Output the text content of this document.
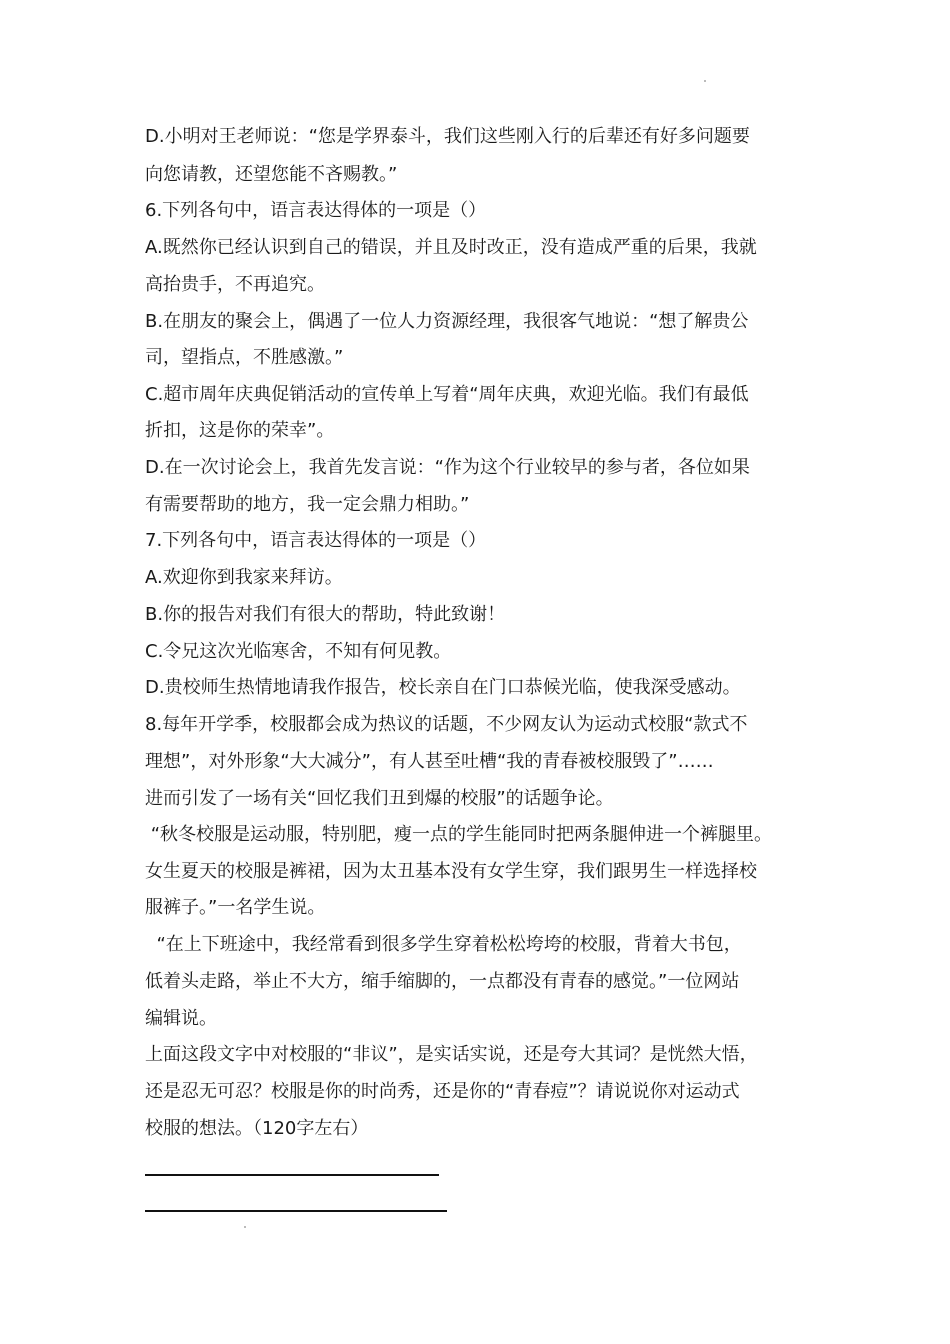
D.小明对王老师说：“您是学界泰斗，我们这些刚入行的后辈还有好多问题要
向您请教，还望您能不吝赐教。”
6.下列各句中，语言表达得体的一项是（）
A.既然你已经认识到自己的错误，并且及时改正，没有造成严重的后果，我就
高抬贵手，不再追究。
B.在朋友的聚会上，偶遇了一位人力资源经理，我很客气地说：“想了解贵公
司，望指点，不胜感激。”
C.超市周年庆典促销活动的宣传单上写着“周年庆典，欢迎光临。我们有最低
折扣，这是你的荣幸”。
D.在一次讨论会上，我首先发言说：“作为这个行业较早的参与者，各位如果
有需要帮助的地方，我一定会鼎力相助。”
7.下列各句中，语言表达得体的一项是（）
A.欢迎你到我家来拜访。
B.你的报告对我们有很大的帮助，特此致谢！
C.令兄这次光临寒舍，不知有何见教。
D.贵校师生热情地请我作报告，校长亲自在门口恭候光临，使我深受感动。
8.每年开学季，校服都会成为热议的话题，不少网友认为运动式校服“款式不
理想”，对外形象“大大减分”，有人甚至吐槽“我的青春被校服毁了”……
进而引发了一场有关“回忆我们丑到爆的校服”的话题争论。
“秋冬校服是运动服，特别肥，瘦一点的学生能同时把两条腿伸进一个裤腿里。
女生夏天的校服是裤裙，因为太丑基本没有女学生穿，我们跟男生一样选择校
服裤子。”一名学生说。
“在上下班途中，我经常看到很多学生穿着松松垮垮的校服，背着大书包，
低着头走路，举止不大方，缩手缩脚的，一点都没有青春的感觉。”一位网站
编辑说。
上面这段文字中对校服的“非议”，是实话实说，还是夸大其词？是恍然大悟，
还是忍无可忍？校服是你的时尚秀，还是你的“青春痘”？请说说你对运动式
校服的想法。（120字左右）
